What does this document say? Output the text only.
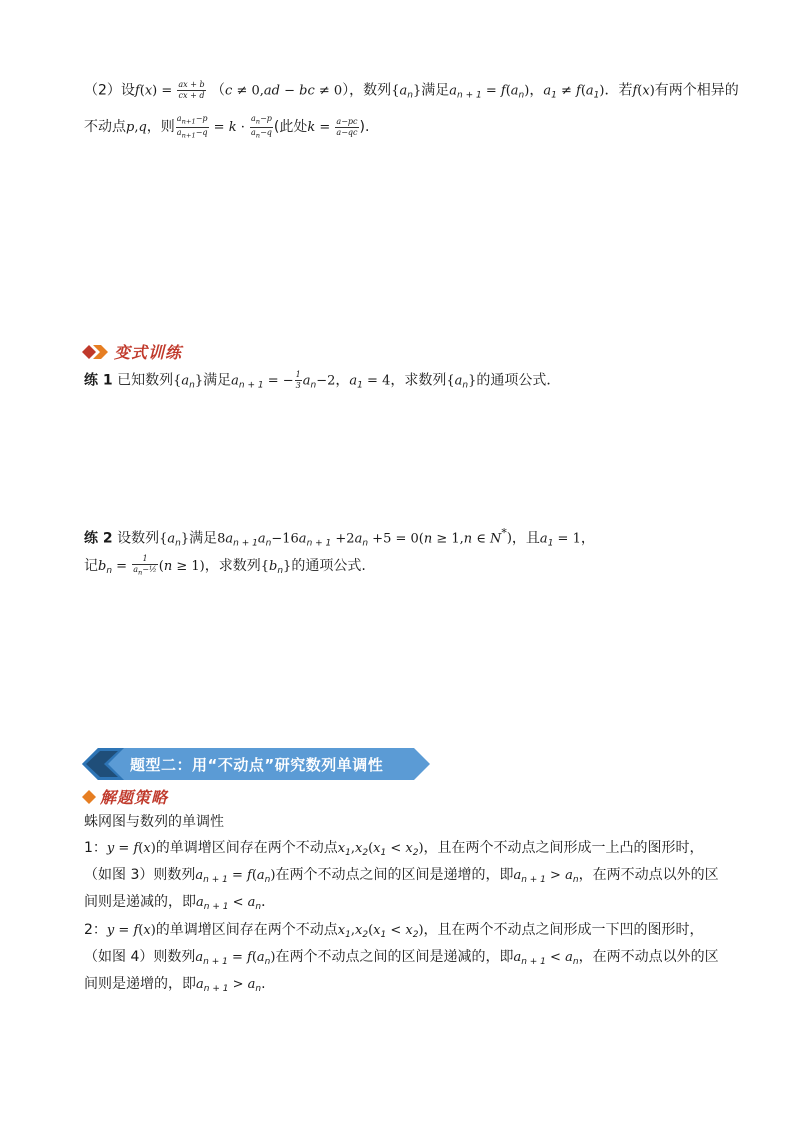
（2）设$f(x) = \frac{ax + b}{cx + d} (c \ne 0,ad$ − bc ≠ 0），数列$\{a_n\}$满足$a_{n + 1} = f(a_n)$，$a_1 \ne f(a_1)$．若f(x)有两个相异的
不动点p,q，则 $\frac{a_{n+1}-p}{a_{n+1}-q} = k \cdot \frac{a_n-p}{a_n-q}$ (此处$k = \frac{a-pc}{a-qc}$ ).
变式训练
练 1 已知数列$\{a_n\}$满足$a_{n + 1}$ = − $\frac{1}{3} a_n-2$，$a_1 = 4$，求数列$\{a_n\}$的通项公式．
练 2 设数列$\{a_n\}$满足$8a_{n + 1}a_n-16a_{n + 1} +2a_n +5 = 0(n \ge 1,n$ ∈ N*)，且$a_1 = 1$，
记$b_n = \frac{1}{a_n-\frac{1}{2}} (n \ge 1)$，求数列$\{b_n\}$的通项公式.
题型二：用“不动点”研究数列单调性
解题策略
蛛网图与数列的单调性
1：y = f(x)的单调增区间存在两个不动点$x_1,x_2(x_1 < x_2)$，且在两个不动点之间形成一上凸的图形时，
（如图 3）则数列$a_{n + 1} = f(a_n)$在两个不动点之间的区间是递增的，即$a_{n + 1} > a_n$，在两不动点以外的区
间则是递减的，即$a_{n + 1} < a_n$．
2：y = f(x)的单调增区间存在两个不动点$x_1,x_2(x_1 < x_2)$，且在两个不动点之间形成一下凹的图形时，
（如图 4）则数列$a_{n + 1} = f(a_n)$在两个不动点之间的区间是递减的，即$a_{n + 1} < a_n$，在两不动点以外的区
间则是递增的，即$a_{n + 1} > a_n$.
